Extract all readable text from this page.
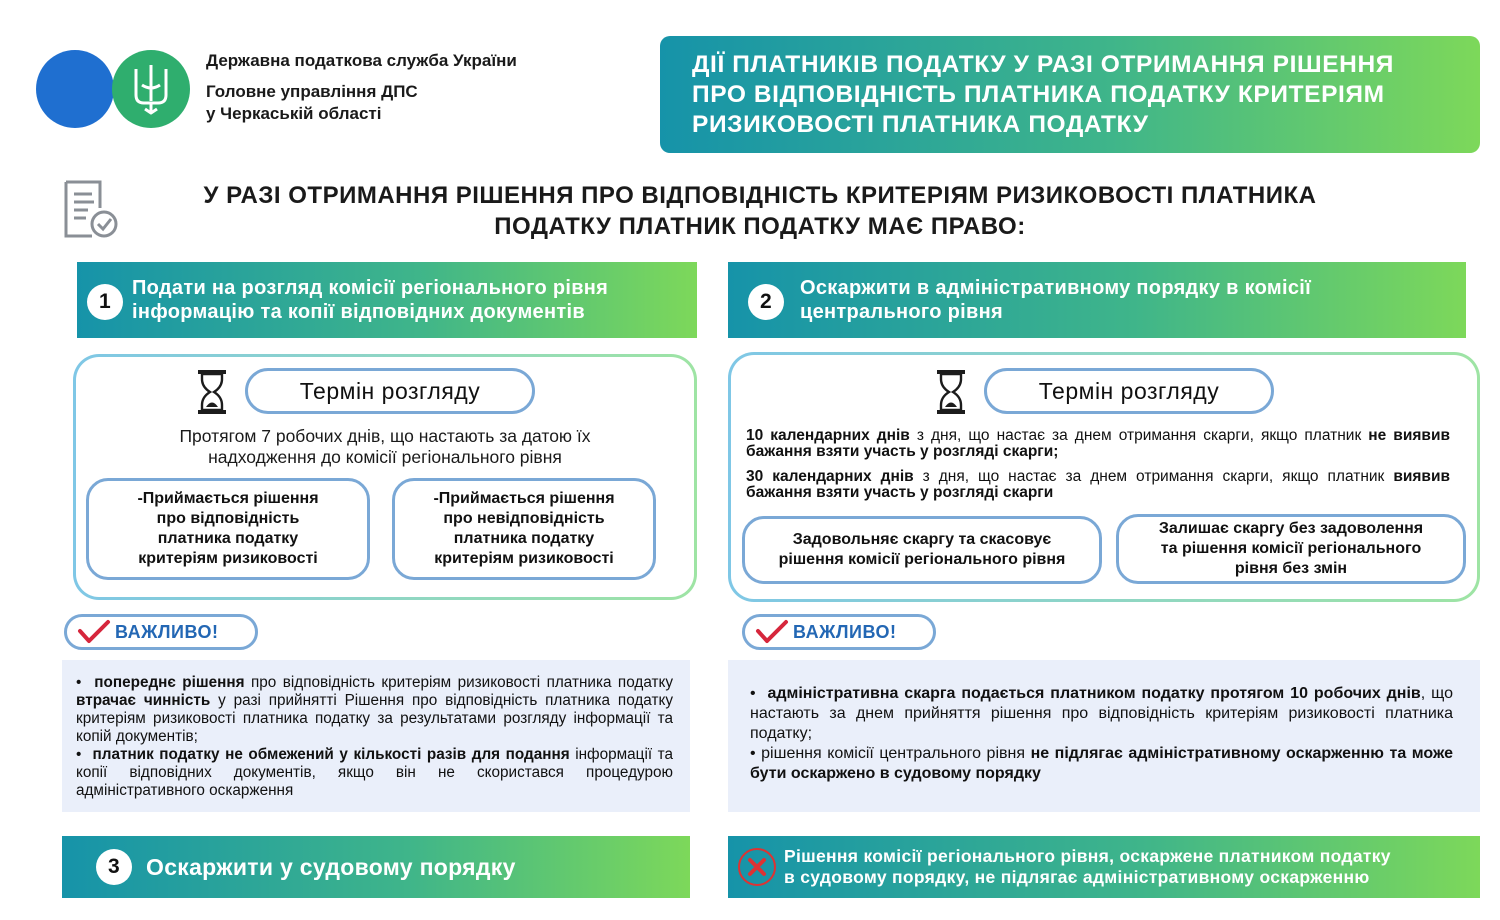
Державна податкова служба України
Головне управління ДПС
у Черкаській області
ДІЇ ПЛАТНИКІВ ПОДАТКУ У РАЗІ ОТРИМАННЯ РІШЕННЯ
ПРО ВІДПОВІДНІСТЬ ПЛАТНИКА ПОДАТКУ КРИТЕРІЯМ
РИЗИКОВОСТІ ПЛАТНИКА ПОДАТКУ
У РАЗІ ОТРИМАННЯ РІШЕННЯ ПРО ВІДПОВІДНІСТЬ КРИТЕРІЯМ РИЗИКОВОСТІ ПЛАТНИКА
ПОДАТКУ ПЛАТНИК ПОДАТКУ МАЄ ПРАВО:
1
Подати на розгляд комісії регіонального рівня
інформацію та копії відповідних документів	2
Оскаржити в адміністративному порядку в комісії
центрального рівня
Термін розгляду
Протягом 7 робочих днів, що настають за датою їх
надходження до комісії регіонального рівня
-Приймається рішення
про відповідність
платника податку
критеріям ризиковості
-Приймається рішення
про невідповідність
платника податку
критеріям ризиковості
Термін розгляду

10 календарних днів з дня, що настає за днем отримання скарги, якщо платник не виявив бажання взяти участь у розгляді скарги;

30 календарних днів з дня, що настає за днем отримання скарги, якщо платник виявив бажання взяти участь у розгляді скарги

Задовольняє скаргу та скасовує
рішення комісії регіонального рівня
Залишає скаргу без задоволення
та рішення комісії регіонального
рівня без змін
ВАЖЛИВО!
• попереднє рішення про відповідність критеріям ризиковості платника податку втрачає чинність у разі прийнятті Рішення про відповідність платника податку критеріям ризиковості платника податку за результатами розгляду інформації та копій документів;
• платник податку не обмежений у кількості разів для подання інформації та копії відповідних документів, якщо він не скористався процедурою адміністративного оскарження
ВАЖЛИВО!
• адміністративна скарга подається платником податку протягом 10 робочих днів, що настають за днем прийняття рішення про відповідність критеріям ризиковості платника податку;
• рішення комісії центрального рівня не підлягає адміністративному оскарженню та може бути оскаржено в судовому порядку
3	Оскаржити у судовому порядку	Рішення комісії регіонального рівня, оскаржене платником податку
в судовому порядку, не підлягає адміністративному оскарженню
